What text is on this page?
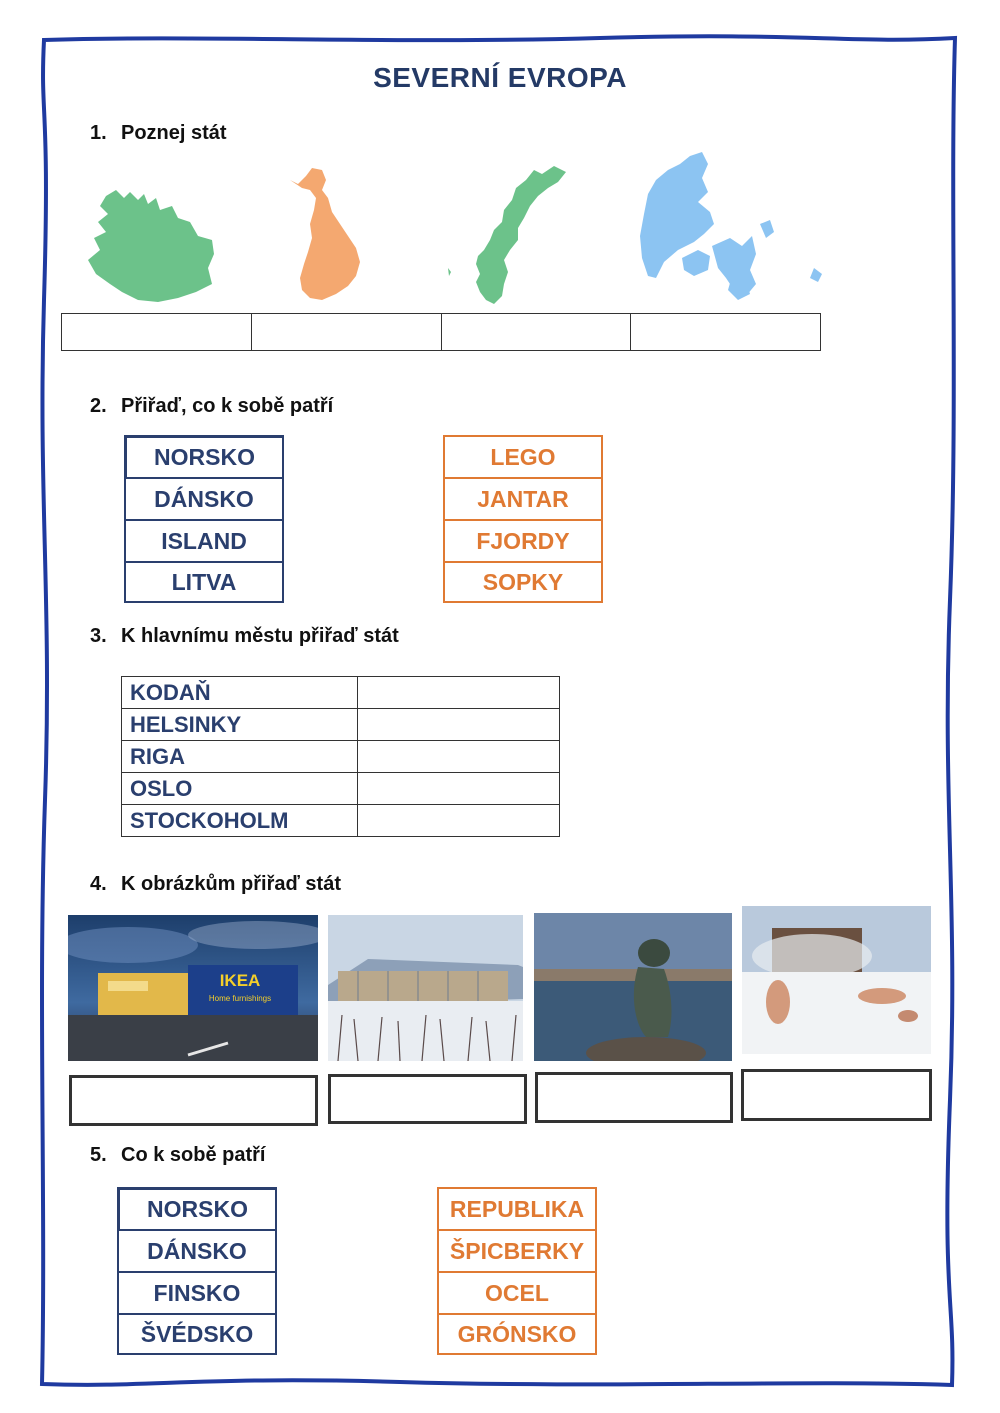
SEVERNÍ EVROPA
1. Poznej stát
2. Přiřaď, co k sobě patří
NORSKO
DÁNSKO
ISLAND
LITVA
LEGO
JANTAR
FJORDY
SOPKY
3. K hlavnímu městu přiřaď stát
KODAŇ	
HELSINKY	
RIGA	
OSLO	
STOCKOHOLM	
4. K obrázkům přiřaď stát
IKEA
Home furnishings
5. Co k sobě patří
NORSKO
DÁNSKO
FINSKO
ŠVÉDSKO
REPUBLIKA
ŠPICBERKY
OCEL
GRÓNSKO
